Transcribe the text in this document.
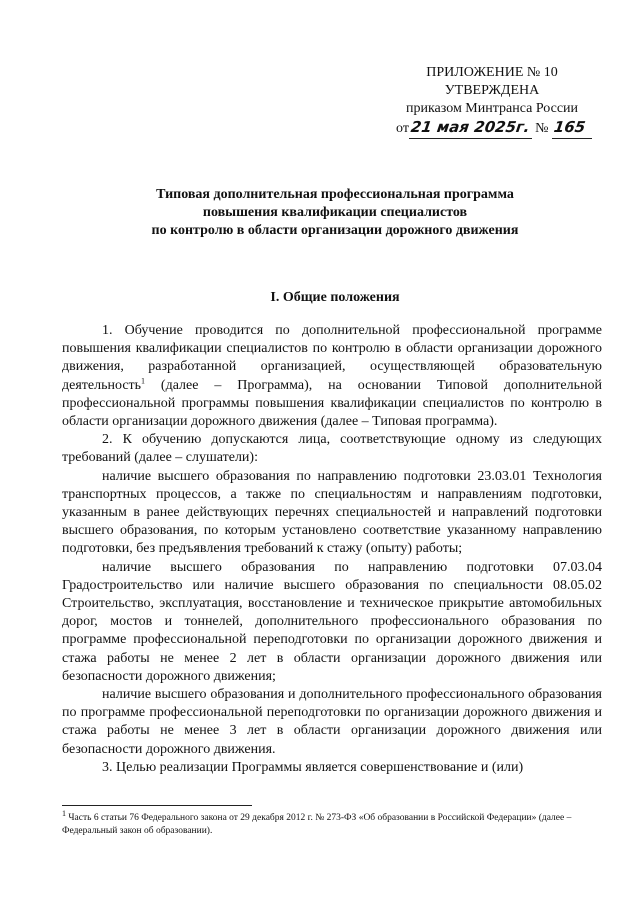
ПРИЛОЖЕНИЕ № 10
УТВЕРЖДЕНА
приказом Минтранса России
от21 мая 2025г. № 165
Типовая дополнительная профессиональная программа
повышения квалификации специалистов
по контролю в области организации дорожного движения
I. Общие положения

1. Обучение проводится по дополнительной профессиональной программе повышения квалификации специалистов по контролю в области организации дорожного движения, разработанной организацией, осуществляющей образовательную деятельность$^1$ (далее – Программа), на основании Типовой дополнительной профессиональной программы повышения квалификации специалистов по контролю в области организации дорожного движения (далее – Типовая программа).

2. К обучению допускаются лица, соответствующие одному из следующих требований (далее – слушатели):

наличие высшего образования по направлению подготовки 23.03.01 Технология транспортных процессов, а также по специальностям и направлениям подготовки, указанным в ранее действующих перечнях специальностей и направлений подготовки высшего образования, по которым установлено соответствие указанному направлению подготовки, без предъявления требований к стажу (опыту) работы;

наличие высшего образования по направлению подготовки 07.03.04 Градостроительство или наличие высшего образования по специальности 08.05.02 Строительство, эксплуатация, восстановление и техническое прикрытие автомобильных дорог, мостов и тоннелей, дополнительного профессионального образования по программе профессиональной переподготовки по организации дорожного движения и стажа работы не менее 2 лет в области организации дорожного движения или безопасности дорожного движения;

наличие высшего образования и дополнительного профессионального образования по программе профессиональной переподготовки по организации дорожного движения и стажа работы не менее 3 лет в области организации дорожного движения или безопасности дорожного движения.

3. Целью реализации Программы является совершенствование и (или)

$^1$ Часть 6 статьи 76 Федерального закона от 29 декабря 2012 г. № 273-ФЗ «Об образовании в Российской Федерации» (далее – Федеральный закон об образовании).
